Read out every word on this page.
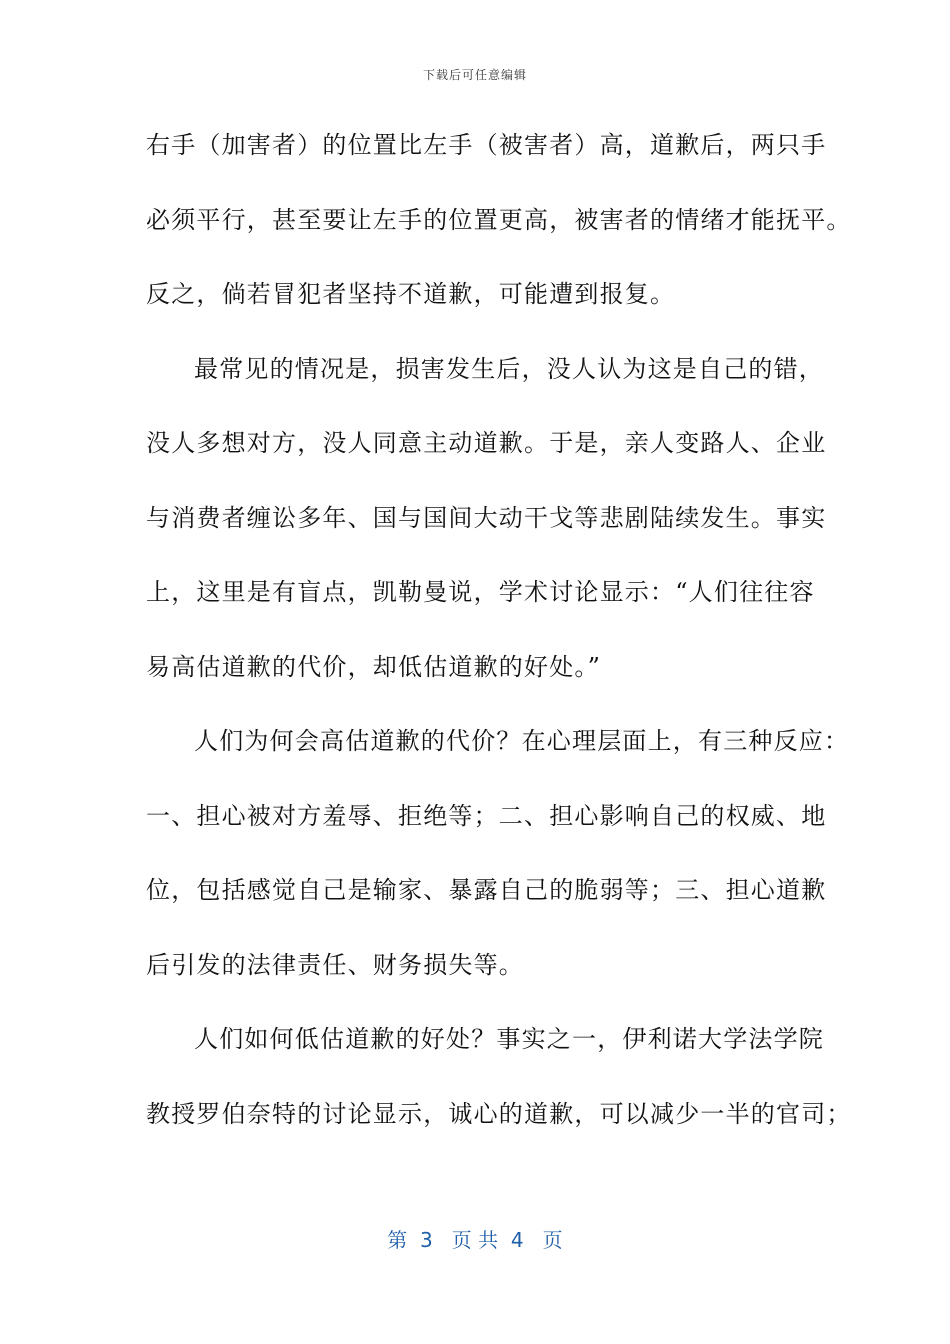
下载后可任意编辑
右手（加害者）的位置比左手（被害者）高，道歉后，两只手
必须平行，甚至要让左手的位置更高，被害者的情绪才能抚平。
反之，倘若冒犯者坚持不道歉，可能遭到报复。
最常见的情况是，损害发生后，没人认为这是自己的错，
没人多想对方，没人同意主动道歉。于是，亲人变路人、企业
与消费者缠讼多年、国与国间大动干戈等悲剧陆续发生。事实
上，这里是有盲点，凯勒曼说，学术讨论显示：“人们往往容
易高估道歉的代价，却低估道歉的好处。”
人们为何会高估道歉的代价？在心理层面上，有三种反应：
一、担心被对方羞辱、拒绝等；二、担心影响自己的权威、地
位，包括感觉自己是输家、暴露自己的脆弱等；三、担心道歉
后引发的法律责任、财务损失等。
人们如何低估道歉的好处？事实之一，伊利诺大学法学院
教授罗伯奈特的讨论显示，诚心的道歉，可以减少一半的官司；
第  3   页 共  4   页
